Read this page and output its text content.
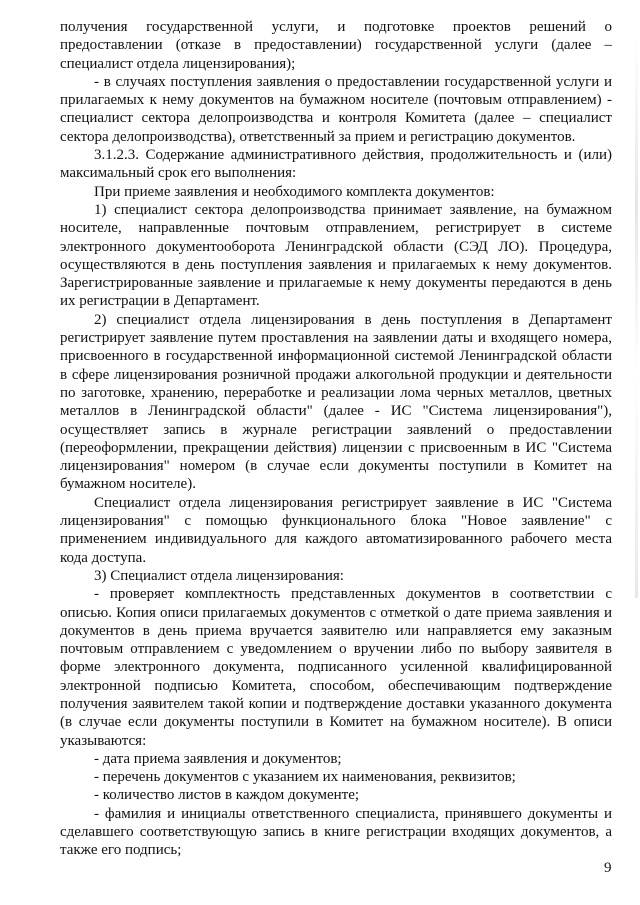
получения государственной услуги, и подготовке проектов решений о предоставлении (отказе в предоставлении) государственной услуги (далее – специалист отдела лицензирования);

- в случаях поступления заявления о предоставлении государственной услуги и прилагаемых к нему документов на бумажном носителе (почтовым отправлением) - специалист сектора делопроизводства и контроля Комитета (далее – специалист сектора делопроизводства), ответственный за прием и регистрацию документов.

3.1.2.3. Содержание административного действия, продолжительность и (или) максимальный срок его выполнения:

При приеме заявления и необходимого комплекта документов:

1) специалист сектора делопроизводства принимает заявление, на бумажном носителе, направленные почтовым отправлением, регистрирует в системе электронного документооборота Ленинградской области (СЭД ЛО). Процедура, осуществляются в день поступления заявления и прилагаемых к нему документов. Зарегистрированные заявление и прилагаемые к нему документы передаются в день их регистрации в Департамент.

2) специалист отдела лицензирования в день поступления в Департамент регистрирует заявление путем проставления на заявлении даты и входящего номера, присвоенного в государственной информационной системой Ленинградской области в сфере лицензирования розничной продажи алкогольной продукции и деятельности по заготовке, хранению, переработке и реализации лома черных металлов, цветных металлов в Ленинградской области" (далее - ИС "Система лицензирования"), осуществляет запись в журнале регистрации заявлений о предоставлении (переоформлении, прекращении действия) лицензии с присвоенным в ИС "Система лицензирования" номером (в случае если документы поступили в Комитет на бумажном носителе).

Специалист отдела лицензирования регистрирует заявление в ИС "Система лицензирования" с помощью функционального блока "Новое заявление" с применением индивидуального для каждого автоматизированного рабочего места кода доступа.

3) Специалист отдела лицензирования:

- проверяет комплектность представленных документов в соответствии с описью. Копия описи прилагаемых документов с отметкой о дате приема заявления и документов в день приема вручается заявителю или направляется ему заказным почтовым отправлением с уведомлением о вручении либо по выбору заявителя в форме электронного документа, подписанного усиленной квалифицированной электронной подписью Комитета, способом, обеспечивающим подтверждение получения заявителем такой копии и подтверждение доставки указанного документа (в случае если документы поступили в Комитет на бумажном носителе). В описи указываются:

- дата приема заявления и документов;

- перечень документов с указанием их наименования, реквизитов;

- количество листов в каждом документе;

- фамилия и инициалы ответственного специалиста, принявшего документы и сделавшего соответствующую запись в книге регистрации входящих документов, а также его подпись;

9
